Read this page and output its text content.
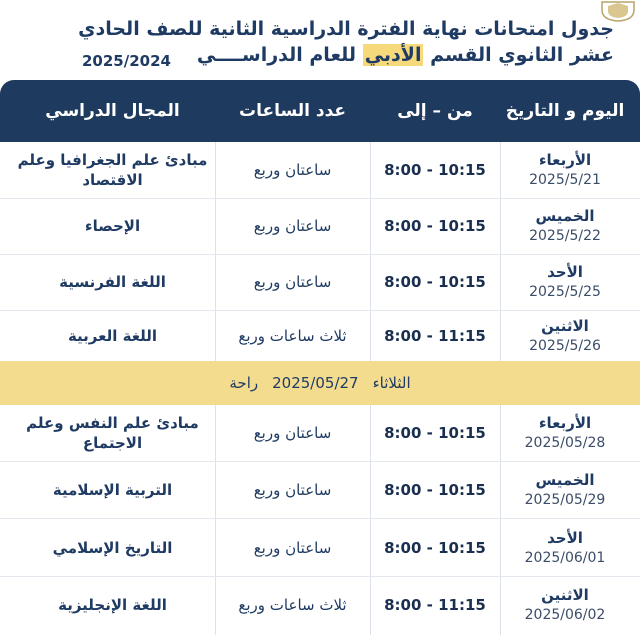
جدول امتحانات نهاية الفترة الدراسية الثانية للصف الحادي
عشر الثانوي القسم الأدبي للعام الدراســــي
2025/2024
اليوم و التاريخ
من – إلى
عدد الساعات
المجال الدراسي
الأربعاء
2025/5/21
8:00 - 10:15
ساعتان وربع
مبادئ علم الجغرافيا وعلم الاقتصاد
الخميس
2025/5/22
8:00 - 10:15
ساعتان وربع
الإحصاء
الأحد
2025/5/25
8:00 - 10:15
ساعتان وربع
اللغة الفرنسية
الاثنين
2025/5/26
8:00 - 11:15
ثلاث ساعات وربع
اللغة العربية
الثلاثاء
2025/05/27
راحة
الأربعاء
2025/05/28
8:00 - 10:15
ساعتان وربع
مبادئ علم النفس وعلم الاجتماع
الخميس
2025/05/29
8:00 - 10:15
ساعتان وربع
التربية الإسلامية
الأحد
2025/06/01
8:00 - 10:15
ساعتان وربع
التاريخ الإسلامي
الاثنين
2025/06/02
8:00 - 11:15
ثلاث ساعات وربع
اللغة الإنجليزية
